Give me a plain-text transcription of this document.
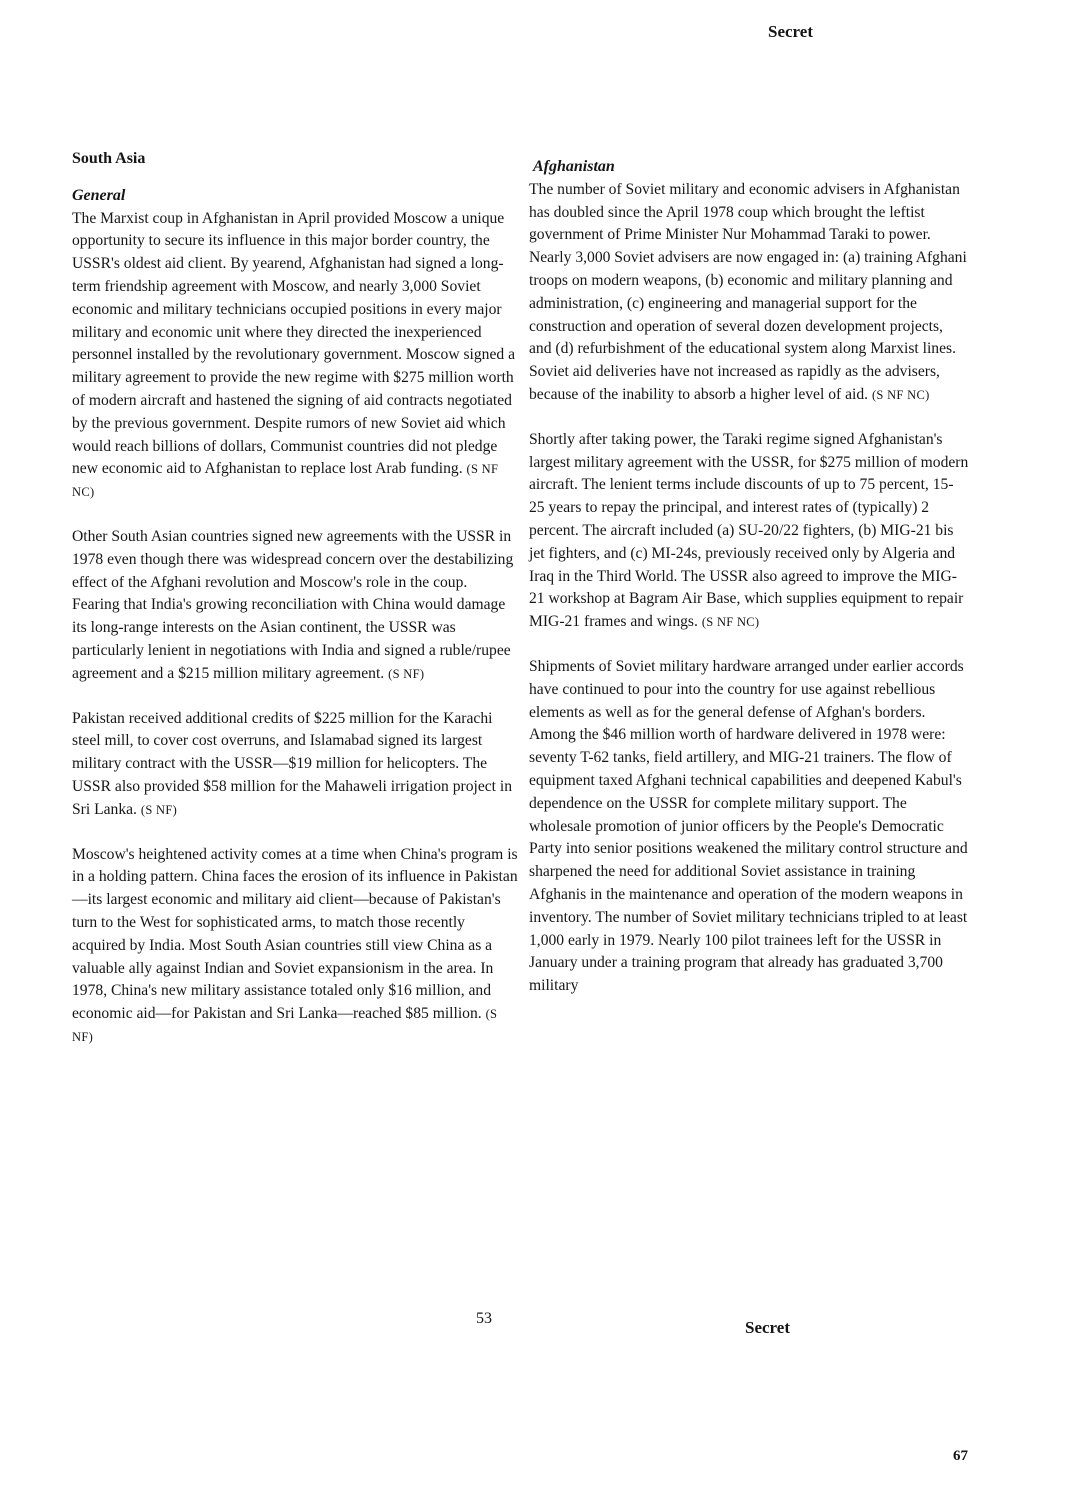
Secret
South Asia
General

The Marxist coup in Afghanistan in April provided Moscow a unique opportunity to secure its influence in this major border country, the USSR's oldest aid client. By yearend, Afghanistan had signed a long-term friendship agreement with Moscow, and nearly 3,000 Soviet economic and military technicians occupied positions in every major military and economic unit where they directed the inexperienced personnel installed by the revolutionary government. Moscow signed a military agreement to provide the new regime with $275 million worth of modern aircraft and hastened the signing of aid contracts negotiated by the previous government. Despite rumors of new Soviet aid which would reach billions of dollars, Communist countries did not pledge new economic aid to Afghanistan to replace lost Arab funding. (S NF NC)

Other South Asian countries signed new agreements with the USSR in 1978 even though there was widespread concern over the destabilizing effect of the Afghani revolution and Moscow's role in the coup. Fearing that India's growing reconciliation with China would damage its long-range interests on the Asian continent, the USSR was particularly lenient in negotiations with India and signed a ruble/rupee agreement and a $215 million military agreement. (S NF)

Pakistan received additional credits of $225 million for the Karachi steel mill, to cover cost overruns, and Islamabad signed its largest military contract with the USSR—$19 million for helicopters. The USSR also provided $58 million for the Mahaweli irrigation project in Sri Lanka. (S NF)

Moscow's heightened activity comes at a time when China's program is in a holding pattern. China faces the erosion of its influence in Pakistan—its largest economic and military aid client—because of Pakistan's turn to the West for sophisticated arms, to match those recently acquired by India. Most South Asian countries still view China as a valuable ally against Indian and Soviet expansionism in the area. In 1978, China's new military assistance totaled only $16 million, and economic aid—for Pakistan and Sri Lanka—reached $85 million. (S NF)

Afghanistan

The number of Soviet military and economic advisers in Afghanistan has doubled since the April 1978 coup which brought the leftist government of Prime Minister Nur Mohammad Taraki to power. Nearly 3,000 Soviet advisers are now engaged in: (a) training Afghani troops on modern weapons, (b) economic and military planning and administration, (c) engineering and managerial support for the construction and operation of several dozen development projects, and (d) refurbishment of the educational system along Marxist lines. Soviet aid deliveries have not increased as rapidly as the advisers, because of the inability to absorb a higher level of aid. (S NF NC)

Shortly after taking power, the Taraki regime signed Afghanistan's largest military agreement with the USSR, for $275 million of modern aircraft. The lenient terms include discounts of up to 75 percent, 15-25 years to repay the principal, and interest rates of (typically) 2 percent. The aircraft included (a) SU-20/22 fighters, (b) MIG-21 bis jet fighters, and (c) MI-24s, previously received only by Algeria and Iraq in the Third World. The USSR also agreed to improve the MIG-21 workshop at Bagram Air Base, which supplies equipment to repair MIG-21 frames and wings. (S NF NC)

Shipments of Soviet military hardware arranged under earlier accords have continued to pour into the country for use against rebellious elements as well as for the general defense of Afghan's borders. Among the $46 million worth of hardware delivered in 1978 were: seventy T-62 tanks, field artillery, and MIG-21 trainers. The flow of equipment taxed Afghani technical capabilities and deepened Kabul's dependence on the USSR for complete military support. The wholesale promotion of junior officers by the People's Democratic Party into senior positions weakened the military control structure and sharpened the need for additional Soviet assistance in training Afghanis in the maintenance and operation of the modern weapons in inventory. The number of Soviet military technicians tripled to at least 1,000 early in 1979. Nearly 100 pilot trainees left for the USSR in January under a training program that already has graduated 3,700 military

53	Secret
67
